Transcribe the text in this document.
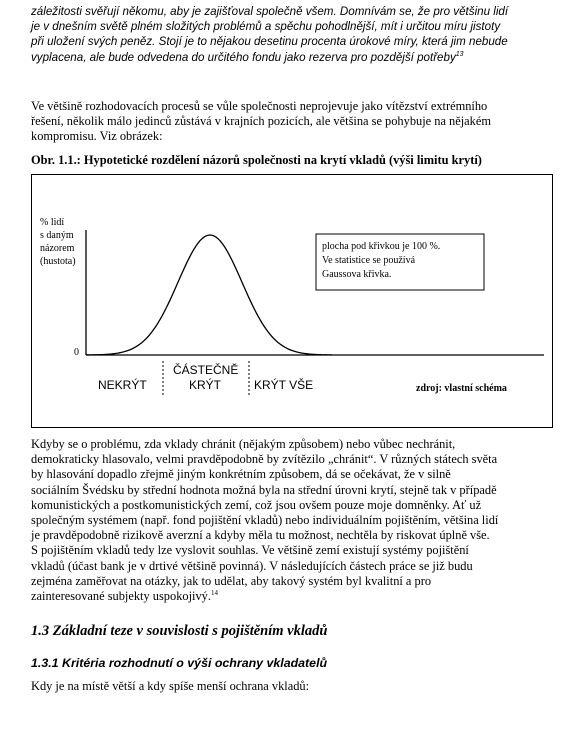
záležitosti svěřují někomu, aby je zajišťoval společně všem. Domnívám se, že pro většinu lidí

je v dnešním světě plném složitých problémů a spěchu pohodlnější, mít i určitou míru jistoty

při uložení svých peněz. Stojí je to nějakou desetinu procenta úrokové míry, která jim nebude

vyplacena, ale bude odvedena do určitého fondu jako rezerva pro pozdější potřeby$^{13}$

Ve většině rozhodovacích procesů se vůle společnosti neprojevuje jako vítězství extrémního

řešení, několik málo jedinců zůstává v krajních pozicích, ale většina se pohybuje na nějakém

kompromisu. Viz obrázek:

Obr. 1.1.: Hypotetické rozdělení názorů společnosti na krytí vkladů (výši limitu krytí)

% lidí
s daným
názorem
(hustota)
0
plocha pod křivkou je 100 %.
Ve statistice se používá
Gaussova křivka.
NEKRÝT
ČÁSTEČNĚ
KRÝT	KRÝT VŠE	zdroj: vlastní schéma

Kdyby se o problému, zda vklady chránit (nějakým způsobem) nebo vůbec nechránit,

demokraticky hlasovalo, velmi pravděpodobně by zvítězilo „chránit“. V různých státech světa

by hlasování dopadlo zřejmě jiným konkrétním způsobem, dá se očekávat, že v silně

sociálním Švédsku by střední hodnota možná byla na střední úrovni krytí, stejně tak v případě

komunistických a postkomunistických zemí, což jsou ovšem pouze moje domněnky. Ať už

společným systémem (např. fond pojištění vkladů) nebo individuálním pojištěním, většina lidí

je pravděpodobně rizikově averzní a kdyby měla tu možnost, nechtěla by riskovat úplně vše.

S pojištěním vkladů tedy lze vyslovit souhlas. Ve většině zemí existují systémy pojištění

vkladů (účast bank je v drtivé většině povinná). V následujících částech práce se již budu

zejména zaměřovat na otázky, jak to udělat, aby takový systém byl kvalitní a pro

zainteresované subjekty uspokojivý.$^{14}$

1.3 Základní teze v souvislosti s pojištěním vkladů

1.3.1 Kritéria rozhodnutí o výši ochrany vkladatelů

Kdy je na místě větší a kdy spíše menší ochrana vkladů:
